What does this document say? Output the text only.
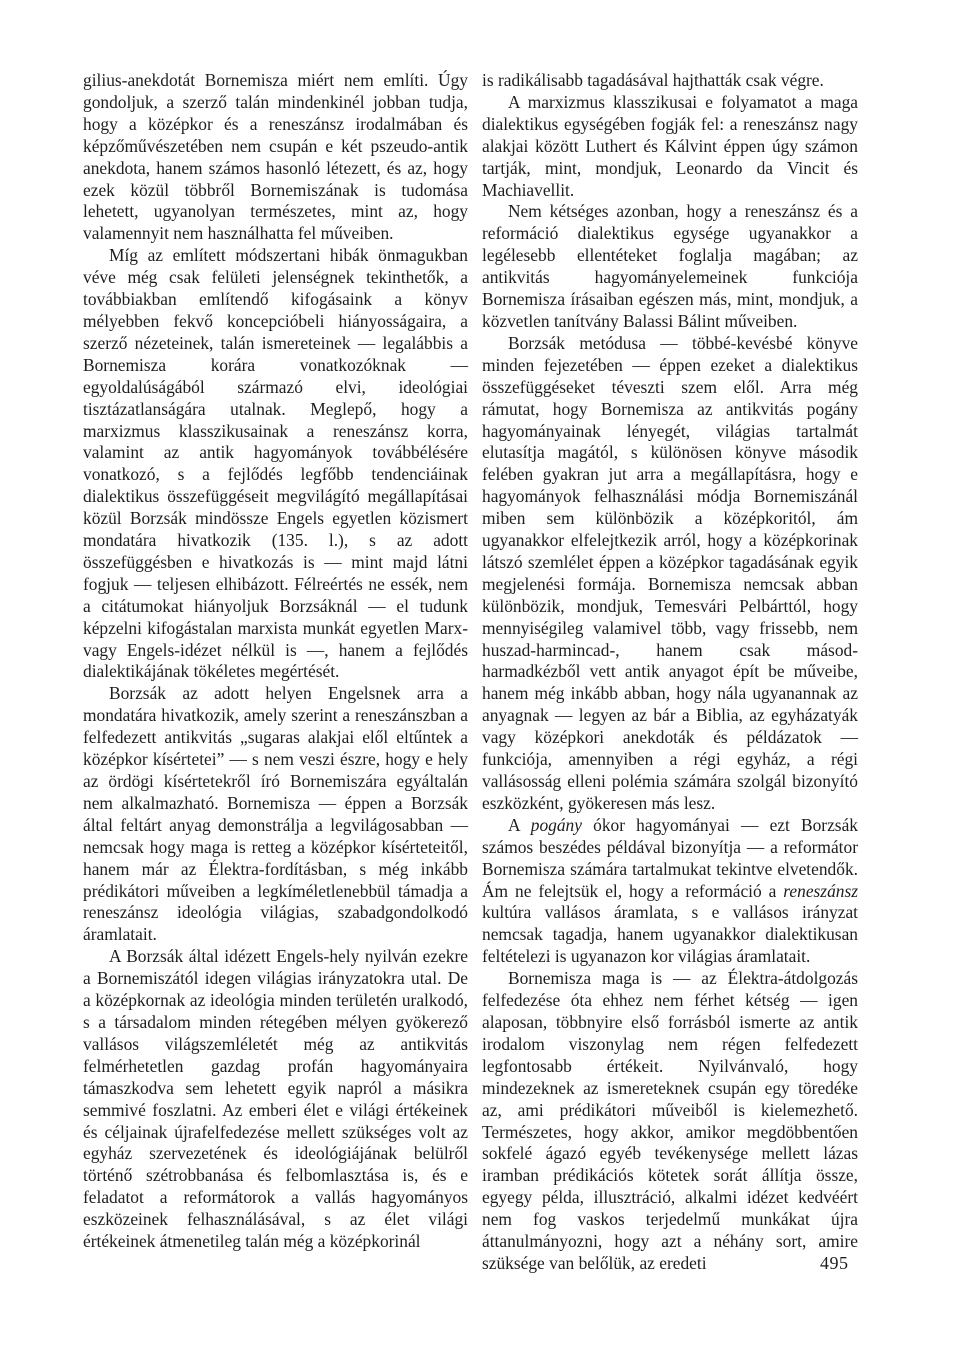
gilius-anekdotát Bornemisza miért nem említi. Úgy gondoljuk, a szerző talán mindenkinél jobban tudja, hogy a középkor és a reneszánsz irodalmában és képzőművészetében nem csupán e két pszeudo-antik anekdota, hanem számos hasonló létezett, és az, hogy ezek közül többről Bornemiszának is tudomása lehetett, ugyanolyan természetes, mint az, hogy valamennyit nem használhatta fel műveiben.

Míg az említett módszertani hibák önmagukban véve még csak felületi jelenségnek tekinthetők, a továbbiakban említendő kifogásaink a könyv mélyebben fekvő koncepcióbeli hiányosságaira, a szerző nézeteinek, talán ismereteinek — legalábbis a Bornemisza korára vonatkozóknak — egyoldalúságából származó elvi, ideológiai tisztázatlanságára utalnak. Meglepő, hogy a marxizmus klasszikusainak a reneszánsz korra, valamint az antik hagyományok továbbélésére vonatkozó, s a fejlődés legfőbb tendenciáinak dialektikus összefüggéseit megvilágító megállapításai közül Borzsák mindössze Engels egyetlen közismert mondatára hivatkozik (135. l.), s az adott összefüggésben e hivatkozás is — mint majd látni fogjuk — teljesen elhibázott. Félreértés ne essék, nem a citátumokat hiányoljuk Borzsáknál — el tudunk képzelni kifogástalan marxista munkát egyetlen Marx- vagy Engels-idézet nélkül is —, hanem a fejlődés dialektikájának tökéletes megértését.

Borzsák az adott helyen Engelsnek arra a mondatára hivatkozik, amely szerint a reneszánszban a felfedezett antikvitás „sugaras alakjai elől eltűntek a középkor kísértetei” — s nem veszi észre, hogy e hely az ördögi kísértetekről író Bornemiszára egyáltalán nem alkalmazható. Bornemisza — éppen a Borzsák által feltárt anyag demonstrálja a legvilágosabban — nemcsak hogy maga is retteg a középkor kísérteteitől, hanem már az Élektra-fordításban, s még inkább prédikátori műveiben a legkíméletlenebbül támadja a reneszánsz ideológia világias, szabadgondolkodó áramlatait.

A Borzsák által idézett Engels-hely nyilván ezekre a Bornemiszától idegen világias irányzatokra utal. De a középkornak az ideológia minden területén uralkodó, s a társadalom minden rétegében mélyen gyökerező vallásos világszemléletét még az antikvitás felmérhetetlen gazdag profán hagyományaira támaszkodva sem lehetett egyik napról a másikra semmivé foszlatni. Az emberi élet e világi értékeinek és céljainak újrafelfedezése mellett szükséges volt az egyház szervezetének és ideológiájának belülről történő szétrobbanása és felbomlasztása is, és e feladatot a reformátorok a vallás hagyományos eszközeinek felhasználásával, s az élet világi értékeinek átmenetileg talán még a középkorinál

is radikálisabb tagadásával hajthatták csak végre.

A marxizmus klasszikusai e folyamatot a maga dialektikus egységében fogják fel: a reneszánsz nagy alakjai között Luthert és Kálvint éppen úgy számon tartják, mint, mondjuk, Leonardo da Vincit és Machiavellit.

Nem kétséges azonban, hogy a reneszánsz és a reformáció dialektikus egysége ugyanakkor a legélesebb ellentéteket foglalja magában; az antikvitás hagyományelemeinek funkciója Bornemisza írásaiban egészen más, mint, mondjuk, a közvetlen tanítvány Balassi Bálint műveiben.

Borzsák metódusa — többé-kevésbé könyve minden fejezetében — éppen ezeket a dialektikus összefüggéseket téveszti szem elől. Arra még rámutat, hogy Bornemisza az antikvitás pogány hagyományainak lényegét, világias tartalmát elutasítja magától, s különösen könyve második felében gyakran jut arra a megállapításra, hogy e hagyományok felhasználási módja Bornemiszánál miben sem különbözik a középkoritól, ám ugyanakkor elfelejtkezik arról, hogy a középkorinak látszó szemlélet éppen a középkor tagadásának egyik megjelenési formája. Bornemisza nemcsak abban különbözik, mondjuk, Temesvári Pelbárttól, hogy mennyiségileg valamivel több, vagy frissebb, nem huszad-harmincad-, hanem csak másod-harmadkézből vett antik anyagot épít be műveibe, hanem még inkább abban, hogy nála ugyanannak az anyagnak — legyen az bár a Biblia, az egyházatyák vagy középkori anekdoták és példázatok — funkciója, amennyiben a régi egyház, a régi vallásosság elleni polémia számára szolgál bizonyító eszközként, gyökeresen más lesz.

A pogány ókor hagyományai — ezt Borzsák számos beszédes példával bizonyítja — a reformátor Bornemisza számára tartalmukat tekintve elvetendők. Ám ne felejtsük el, hogy a reformáció a reneszánsz kultúra vallásos áramlata, s e vallásos irányzat nemcsak tagadja, hanem ugyanakkor dialektikusan feltételezi is ugyanazon kor világias áramlatait.

Bornemisza maga is — az Élektra-átdolgozás felfedezése óta ehhez nem férhet kétség — igen alaposan, többnyire első forrásból ismerte az antik irodalom viszonylag nem régen felfedezett legfontosabb értékeit. Nyilvánvaló, hogy mindezeknek az ismereteknek csupán egy töredéke az, ami prédikátori műveiből is kielemezhető. Természetes, hogy akkor, amikor megdöbbentően sokfelé ágazó egyéb tevékenysége mellett lázas iramban prédikációs kötetek sorát állítja össze, egyegy példa, illusztráció, alkalmi idézet kedvéért nem fog vaskos terjedelmű munkákat újra áttanulmányozni, hogy azt a néhány sort, amire szüksége van belőlük, az eredeti	495
